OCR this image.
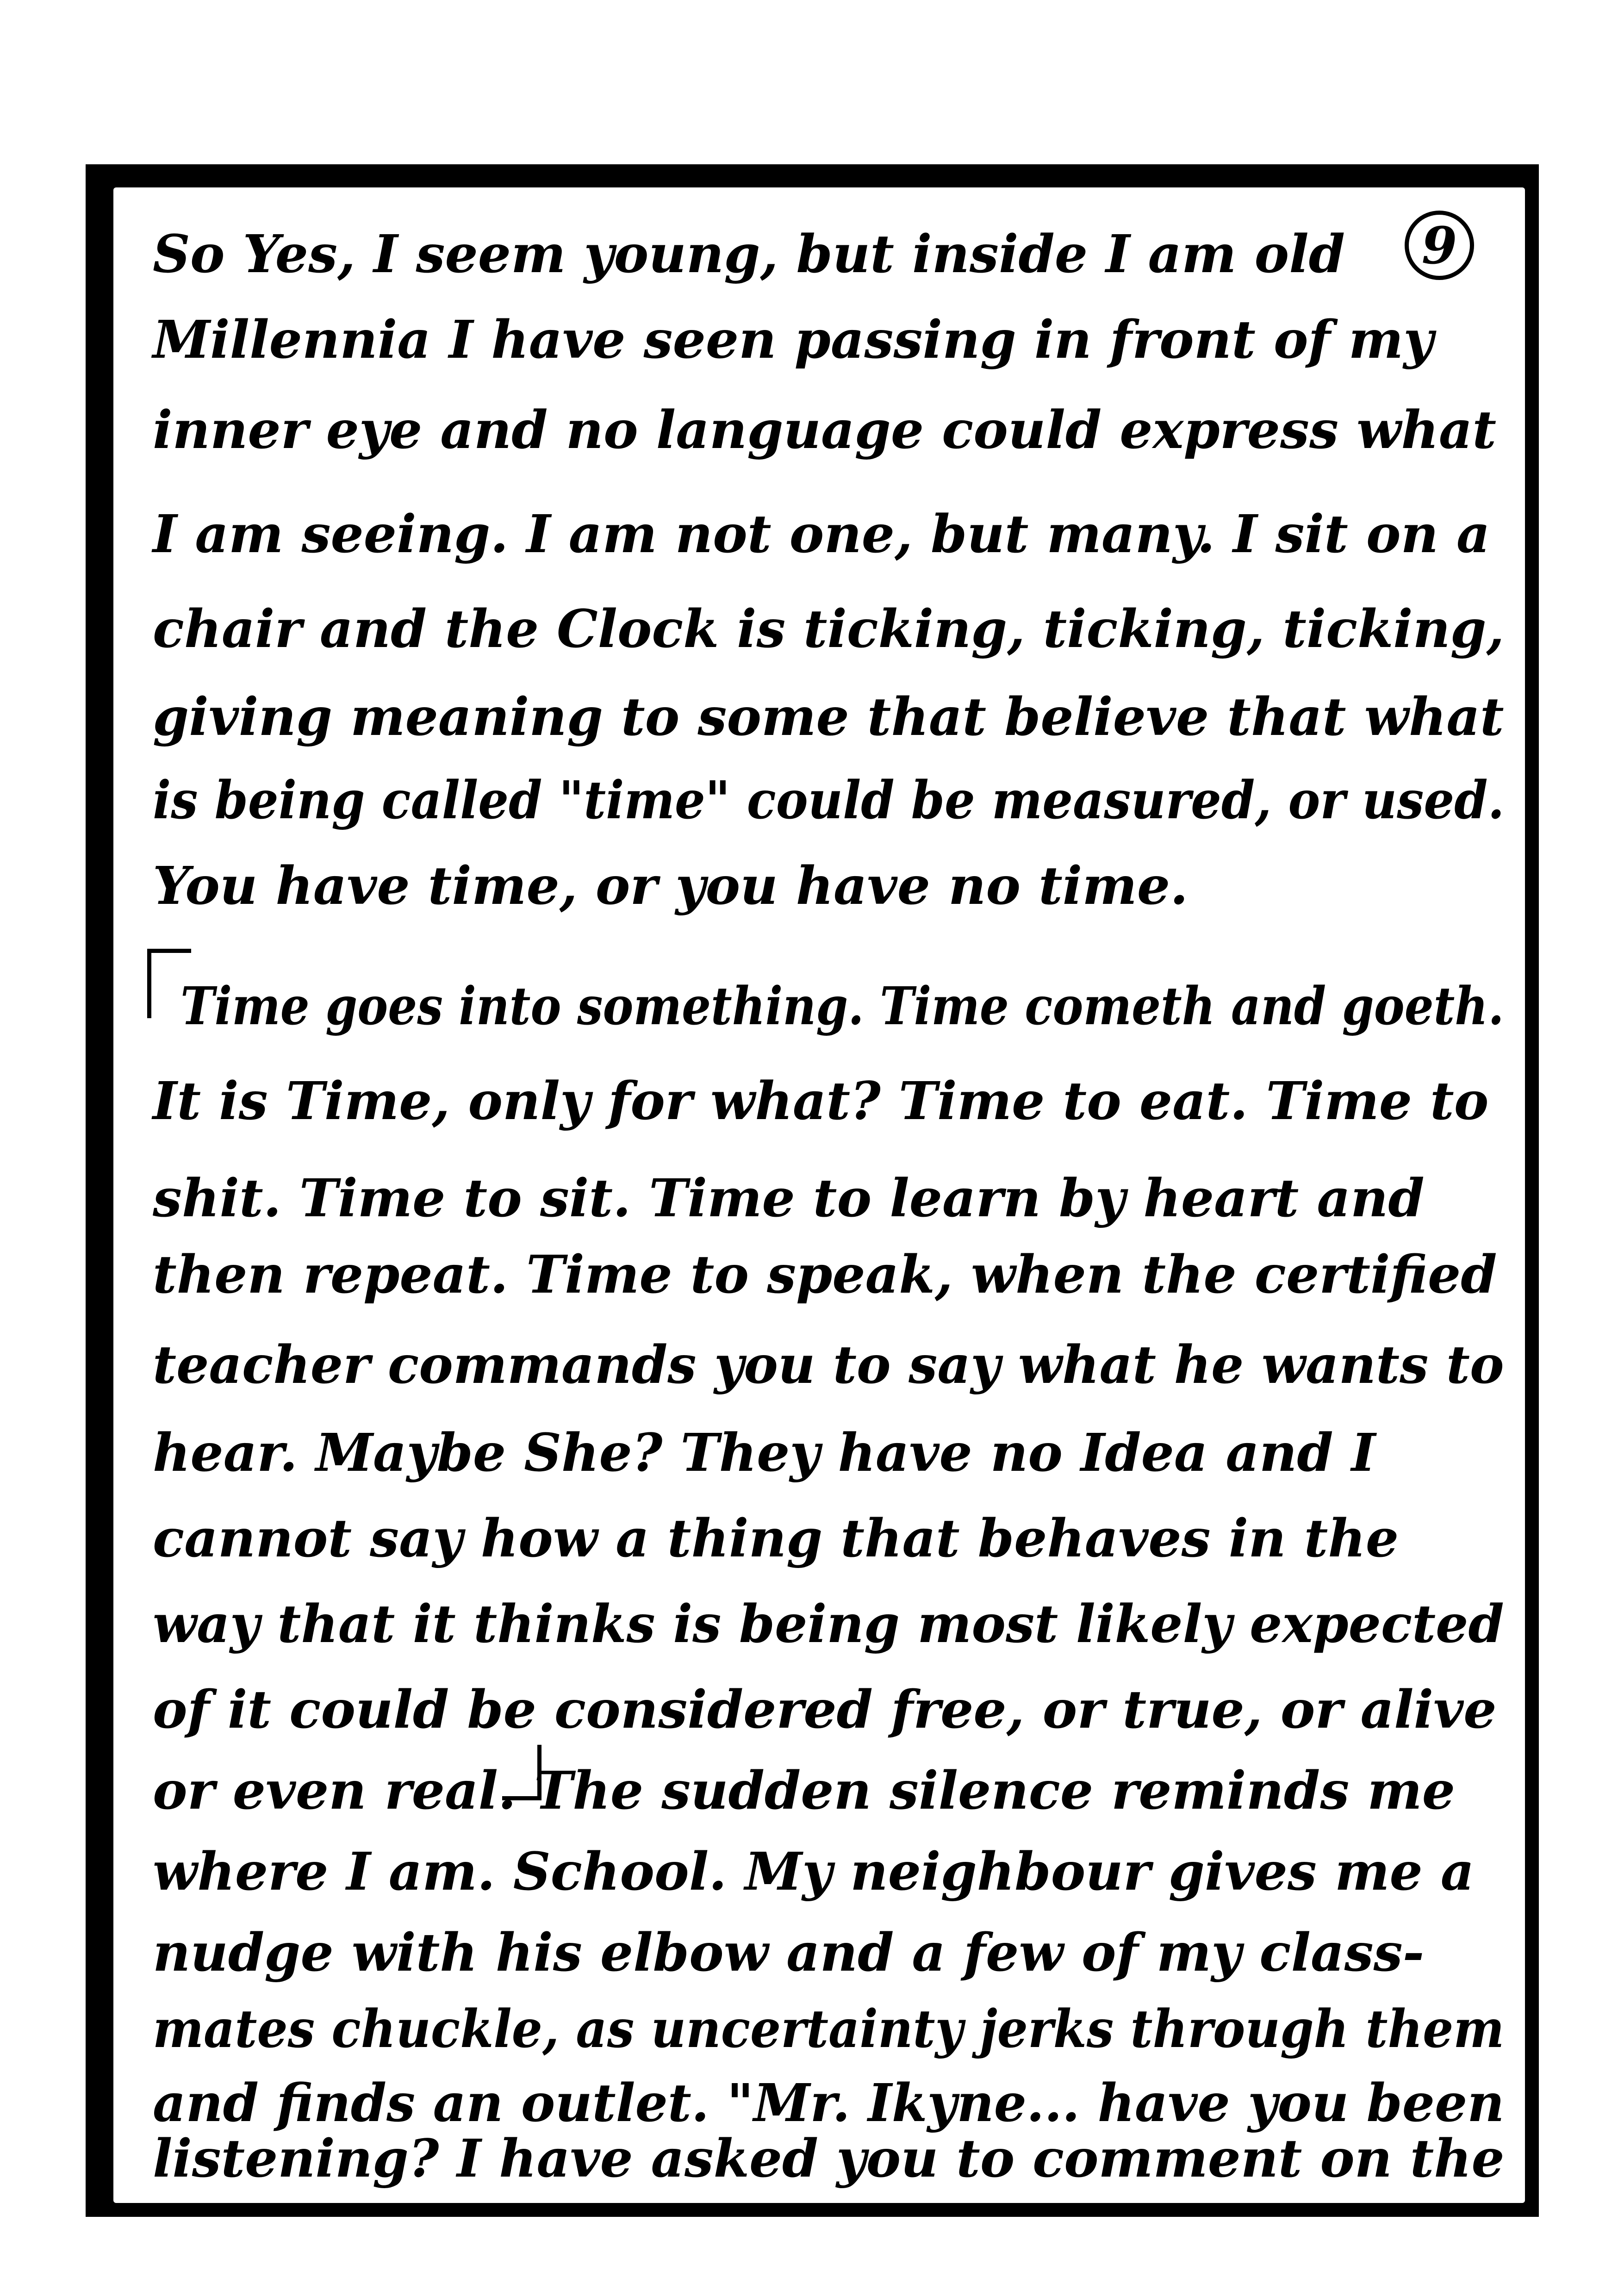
9
So Yes, I seem young, but inside I am old
Millennia I have seen passing in front of my
inner eye and no language could express what
I am seeing. I am not one, but many. I sit on a
chair and the Clock is ticking, ticking, ticking,
giving meaning to some that believe that what
is being called "time" could be measured, or used.
You have time, or you have no time.
Time goes into something. Time cometh and goeth.
It is Time, only for what? Time to eat. Time to
shit. Time to sit. Time to learn by heart and
then repeat. Time to speak, when the certified
teacher commands you to say what he wants to
hear. Maybe She? They have no Idea and I
cannot say how a thing that behaves in the
way that it thinks is being most likely expected
of it could be considered free, or true, or alive
or even real. The sudden silence reminds me
where I am. School. My neighbour gives me a
nudge with his elbow and a few of my class-
mates chuckle, as uncertainty jerks through them
and finds an outlet. "Mr. Ikyne... have you been
listening? I have asked you to comment on the
